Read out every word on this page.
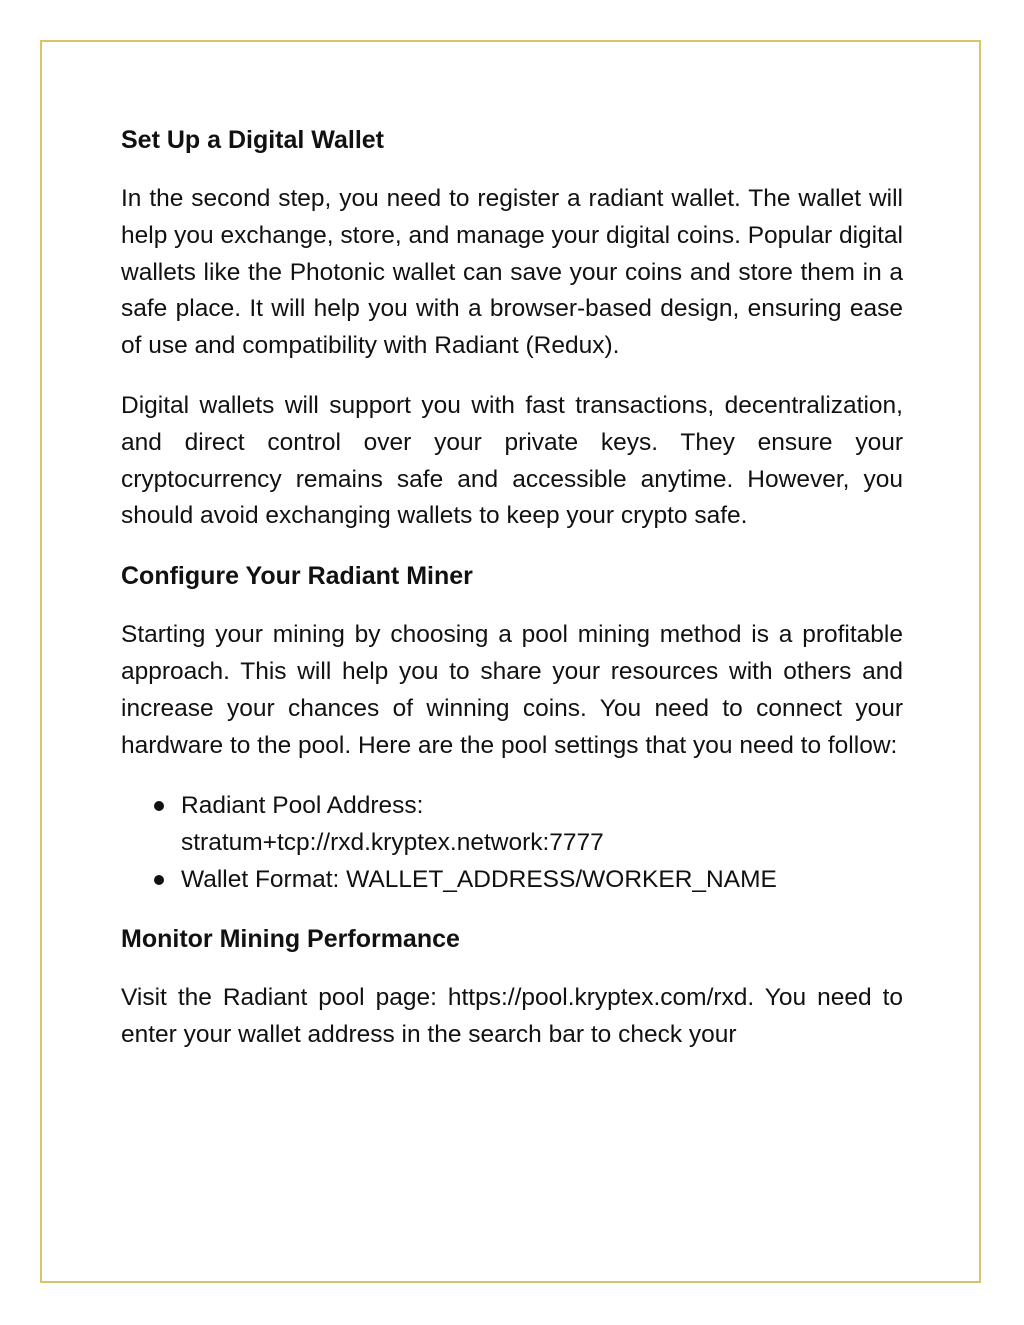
Set Up a Digital Wallet

In the second step, you need to register a radiant wallet. The wallet will help you exchange, store, and manage your digital coins. Popular digital wallets like the Photonic wallet can save your coins and store them in a safe place. It will help you with a browser-based design, ensuring ease of use and compatibility with Radiant (Redux).

Digital wallets will support you with fast transactions, decentralization, and direct control over your private keys. They ensure your cryptocurrency remains safe and accessible anytime. However, you should avoid exchanging wallets to keep your crypto safe.

Configure Your Radiant Miner

Starting your mining by choosing a pool mining method is a profitable approach. This will help you to share your resources with others and increase your chances of winning coins. You need to connect your hardware to the pool. Here are the pool settings that you need to follow:

Radiant Pool Address:
stratum+tcp://rxd.kryptex.network:7777
Wallet Format: WALLET_ADDRESS/WORKER_NAME
Monitor Mining Performance

Visit the Radiant pool page: https://pool.kryptex.com/rxd. You need to enter your wallet address in the search bar to check your
